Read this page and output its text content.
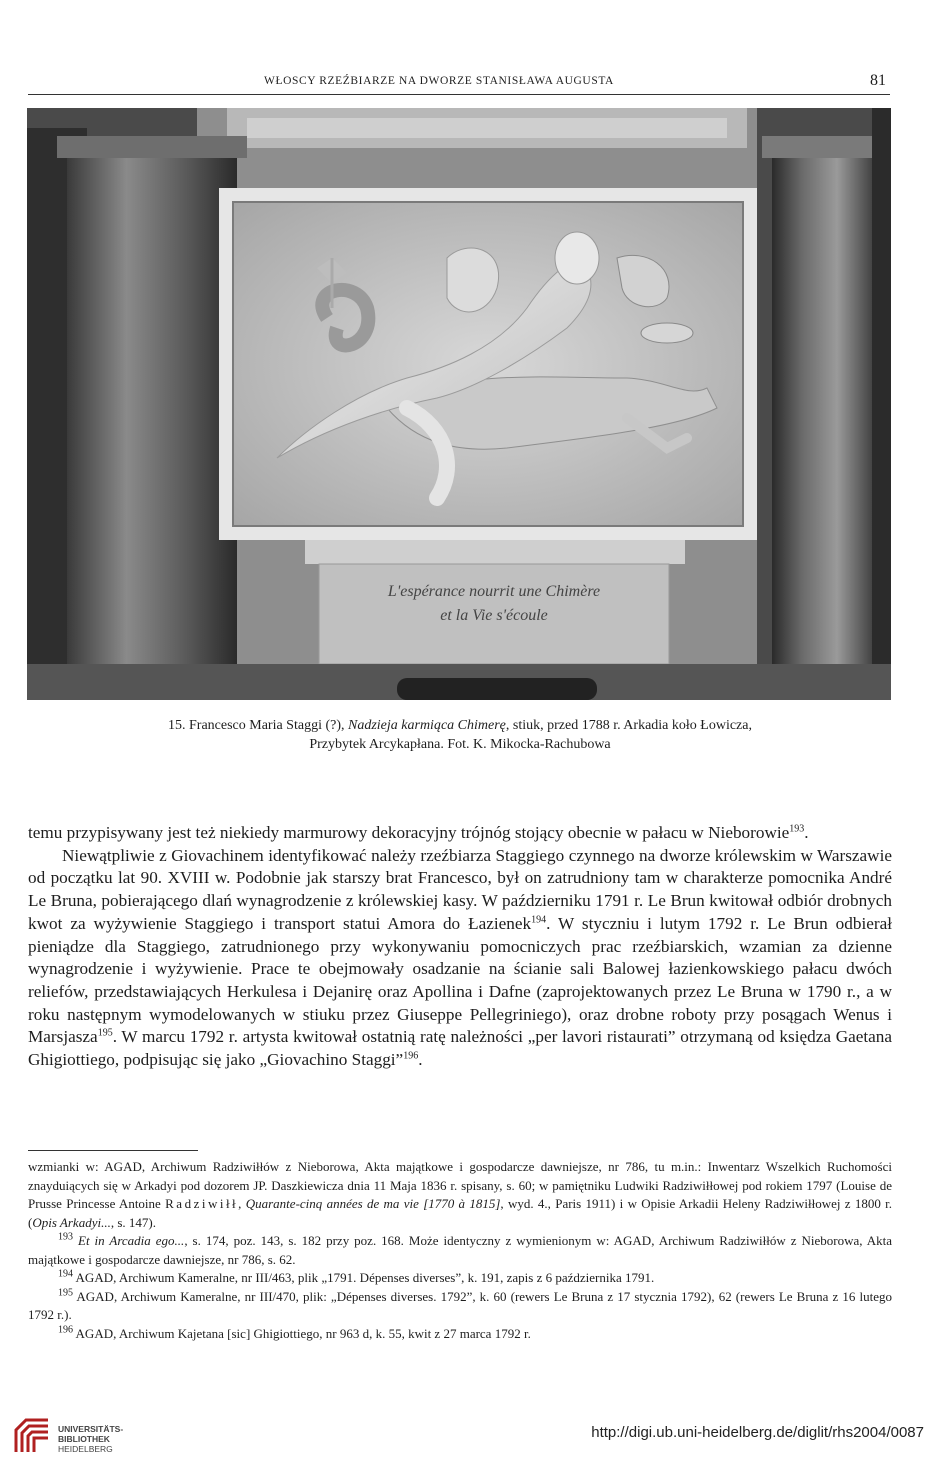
WŁOSCY RZEŹBIARZE NA DWORZE STANISŁAWA AUGUSTA	81
L'espérance nourrit une Chimère
et la Vie s'écoule
15. Francesco Maria Staggi (?), Nadzieja karmiąca Chimerę, stiuk, przed 1788 r. Arkadia koło Łowicza,
Przybytek Arcykapłana. Fot. K. Mikocka-Rachubowa

temu przypisywany jest też niekiedy marmurowy dekoracyjny trójnóg stojący obecnie w pałacu w Nieborowie$^{193}$.

Niewątpliwie z Giovachinem identyfikować należy rzeźbiarza Staggiego czynnego na dworze królewskim w Warszawie od początku lat 90. XVIII w. Podobnie jak starszy brat Francesco, był on zatrudniony tam w charakterze pomocnika André Le Bruna, pobierającego dlań wynagrodzenie z królewskiej kasy. W październiku 1791 r. Le Brun kwitował odbiór drobnych kwot za wyżywienie Staggiego i transport statui Amora do Łazienek$^{194}$. W styczniu i lutym 1792 r. Le Brun odbierał pieniądze dla Staggiego, zatrudnionego przy wykonywaniu pomocniczych prac rzeźbiarskich, wzamian za dzienne wynagrodzenie i wyżywienie. Prace te obejmowały osadzanie na ścianie sali Balowej łazienkowskiego pałacu dwóch reliefów, przedstawiających Herkulesa i Dejanirę oraz Apollina i Dafne (zaprojektowanych przez Le Bruna w 1790 r., a w roku następnym wymodelowanych w stiuku przez Giuseppe Pellegriniego), oraz drobne roboty przy posągach Wenus i Marsjasza$^{195}$. W marcu 1792 r. artysta kwitował ostatnią ratę należności „per lavori ristaurati” otrzymaną od księdza Gaetana Ghigiottiego, podpisując się jako „Giovachino Staggi”$^{196}$.

wzmianki w: AGAD, Archiwum Radziwiłłów z Nieborowa, Akta majątkowe i gospodarcze dawniejsze, nr 786, tu m.in.: Inwentarz Wszelkich Ruchomości znayduiących się w Arkadyi pod dozorem JP. Daszkiewicza dnia 11 Maja 1836 r. spisany, s. 60; w pamiętniku Ludwiki Radziwiłłowej pod rokiem 1797 (Louise de Prusse Princesse Antoine Radziwiłł, Quarante-cinq années de ma vie [1770 à 1815], wyd. 4., Paris 1911) i w Opisie Arkadii Heleny Radziwiłłowej z 1800 r. (Opis Arkadyi..., s. 147).

$^{193}$ Et in Arcadia ego..., s. 174, poz. 143, s. 182 przy poz. 168. Może identyczny z wymienionym w: AGAD, Archiwum Radziwiłłów z Nieborowa, Akta majątkowe i gospodarcze dawniejsze, nr 786, s. 62.

$^{194}$ AGAD, Archiwum Kameralne, nr III/463, plik „1791. Dépenses diverses”, k. 191, zapis z 6 października 1791.

$^{195}$ AGAD, Archiwum Kameralne, nr III/470, plik: „Dépenses diverses. 1792”, k. 60 (rewers Le Bruna z 17 stycznia 1792), 62 (rewers Le Bruna z 16 lutego 1792 r.).

$^{196}$ AGAD, Archiwum Kajetana [sic] Ghigiottiego, nr 963 d, k. 55, kwit z 27 marca 1792 r.

UNIVERSITÄTS-
BIBLIOTHEK
HEIDELBERG
http://digi.ub.uni-heidelberg.de/diglit/rhs2004/0087
